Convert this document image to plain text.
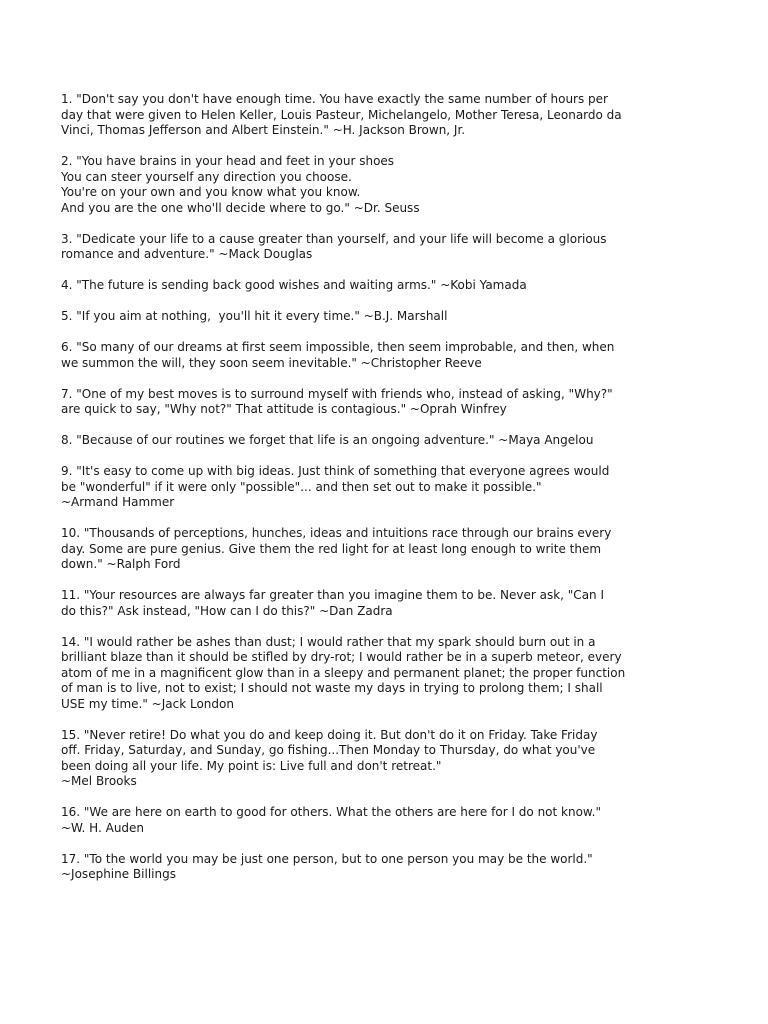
1. "Don't say you don't have enough time. You have exactly the same number of hours per
day that were given to Helen Keller, Louis Pasteur, Michelangelo, Mother Teresa, Leonardo da
Vinci, Thomas Jefferson and Albert Einstein." ~H. Jackson Brown, Jr.
2. "You have brains in your head and feet in your shoes
You can steer yourself any direction you choose.
You're on your own and you know what you know.
And you are the one who'll decide where to go." ~Dr. Seuss
3. "Dedicate your life to a cause greater than yourself, and your life will become a glorious
romance and adventure." ~Mack Douglas
4. "The future is sending back good wishes and waiting arms." ~Kobi Yamada
5. "If you aim at nothing,  you'll hit it every time." ~B.J. Marshall
6. "So many of our dreams at first seem impossible, then seem improbable, and then, when
we summon the will, they soon seem inevitable." ~Christopher Reeve
7. "One of my best moves is to surround myself with friends who, instead of asking, "Why?"
are quick to say, "Why not?" That attitude is contagious." ~Oprah Winfrey
8. "Because of our routines we forget that life is an ongoing adventure." ~Maya Angelou
9. "It's easy to come up with big ideas. Just think of something that everyone agrees would
be "wonderful" if it were only "possible"... and then set out to make it possible."
~Armand Hammer
10. "Thousands of perceptions, hunches, ideas and intuitions race through our brains every
day. Some are pure genius. Give them the red light for at least long enough to write them
down." ~Ralph Ford
11. "Your resources are always far greater than you imagine them to be. Never ask, "Can I
do this?" Ask instead, "How can I do this?" ~Dan Zadra
14. "I would rather be ashes than dust; I would rather that my spark should burn out in a
brilliant blaze than it should be stifled by dry-rot; I would rather be in a superb meteor, every
atom of me in a magnificent glow than in a sleepy and permanent planet; the proper function
of man is to live, not to exist; I should not waste my days in trying to prolong them; I shall
USE my time." ~Jack London
15. "Never retire! Do what you do and keep doing it. But don't do it on Friday. Take Friday
off. Friday, Saturday, and Sunday, go fishing...Then Monday to Thursday, do what you've
been doing all your life. My point is: Live full and don't retreat."
~Mel Brooks
16. "We are here on earth to good for others. What the others are here for I do not know."
~W. H. Auden
17. "To the world you may be just one person, but to one person you may be the world."
~Josephine Billings
